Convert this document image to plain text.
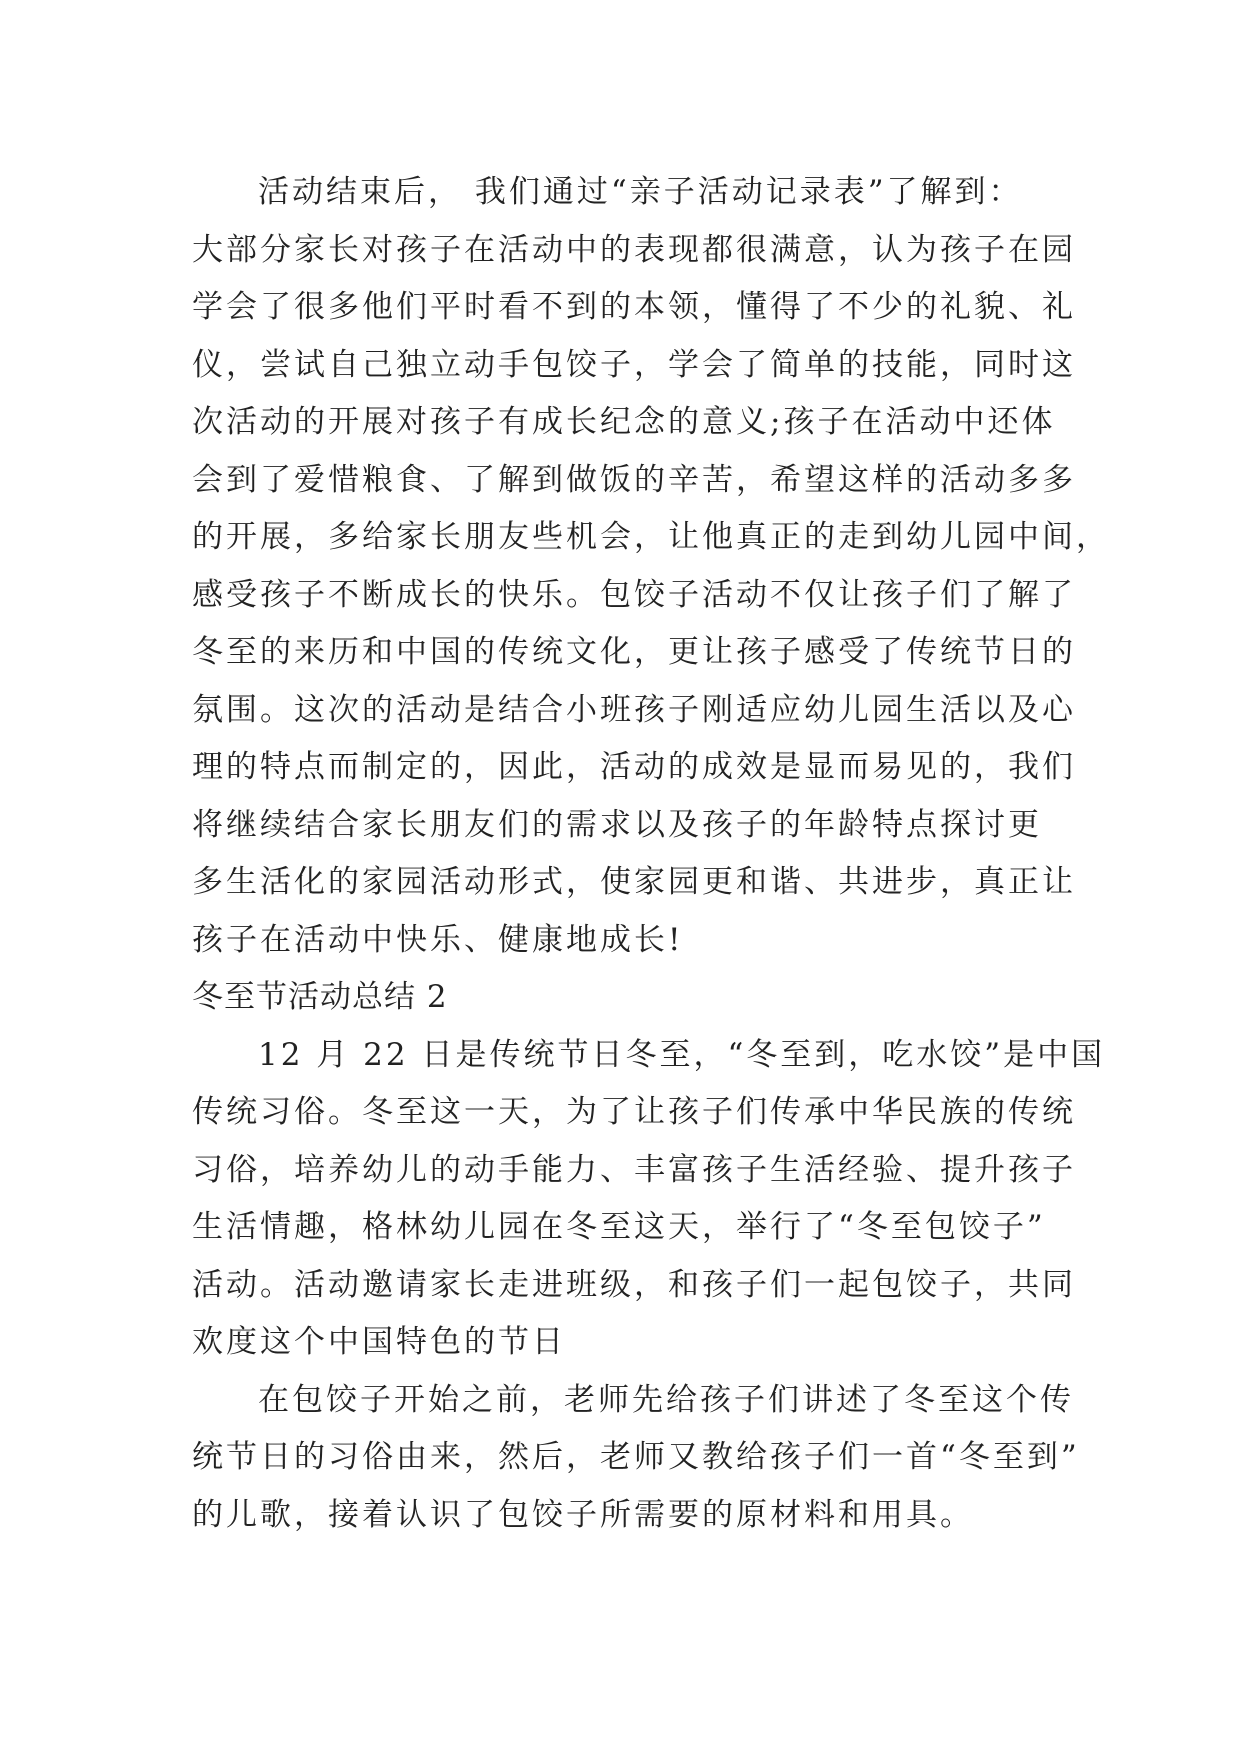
活动结束后， 我们通过“亲子活动记录表”了解到：
大部分家长对孩子在活动中的表现都很满意，认为孩子在园
学会了很多他们平时看不到的本领，懂得了不少的礼貌、礼
仪，尝试自己独立动手包饺子，学会了简单的技能，同时这
次活动的开展对孩子有成长纪念的意义;孩子在活动中还体
会到了爱惜粮食、了解到做饭的辛苦，希望这样的活动多多
的开展，多给家长朋友些机会，让他真正的走到幼儿园中间，
感受孩子不断成长的快乐。包饺子活动不仅让孩子们了解了
冬至的来历和中国的传统文化，更让孩子感受了传统节日的
氛围。这次的活动是结合小班孩子刚适应幼儿园生活以及心
理的特点而制定的，因此，活动的成效是显而易见的，我们
将继续结合家长朋友们的需求以及孩子的年龄特点探讨更
多生活化的家园活动形式，使家园更和谐、共进步，真正让
孩子在活动中快乐、健康地成长!
冬至节活动总结 2
12 月 22 日是传统节日冬至，“冬至到，吃水饺”是中国
传统习俗。冬至这一天，为了让孩子们传承中华民族的传统
习俗，培养幼儿的动手能力、丰富孩子生活经验、提升孩子
生活情趣，格林幼儿园在冬至这天，举行了“冬至包饺子”
活动。活动邀请家长走进班级，和孩子们一起包饺子，共同
欢度这个中国特色的节日
在包饺子开始之前，老师先给孩子们讲述了冬至这个传
统节日的习俗由来，然后，老师又教给孩子们一首“冬至到”
的儿歌，接着认识了包饺子所需要的原材料和用具。
